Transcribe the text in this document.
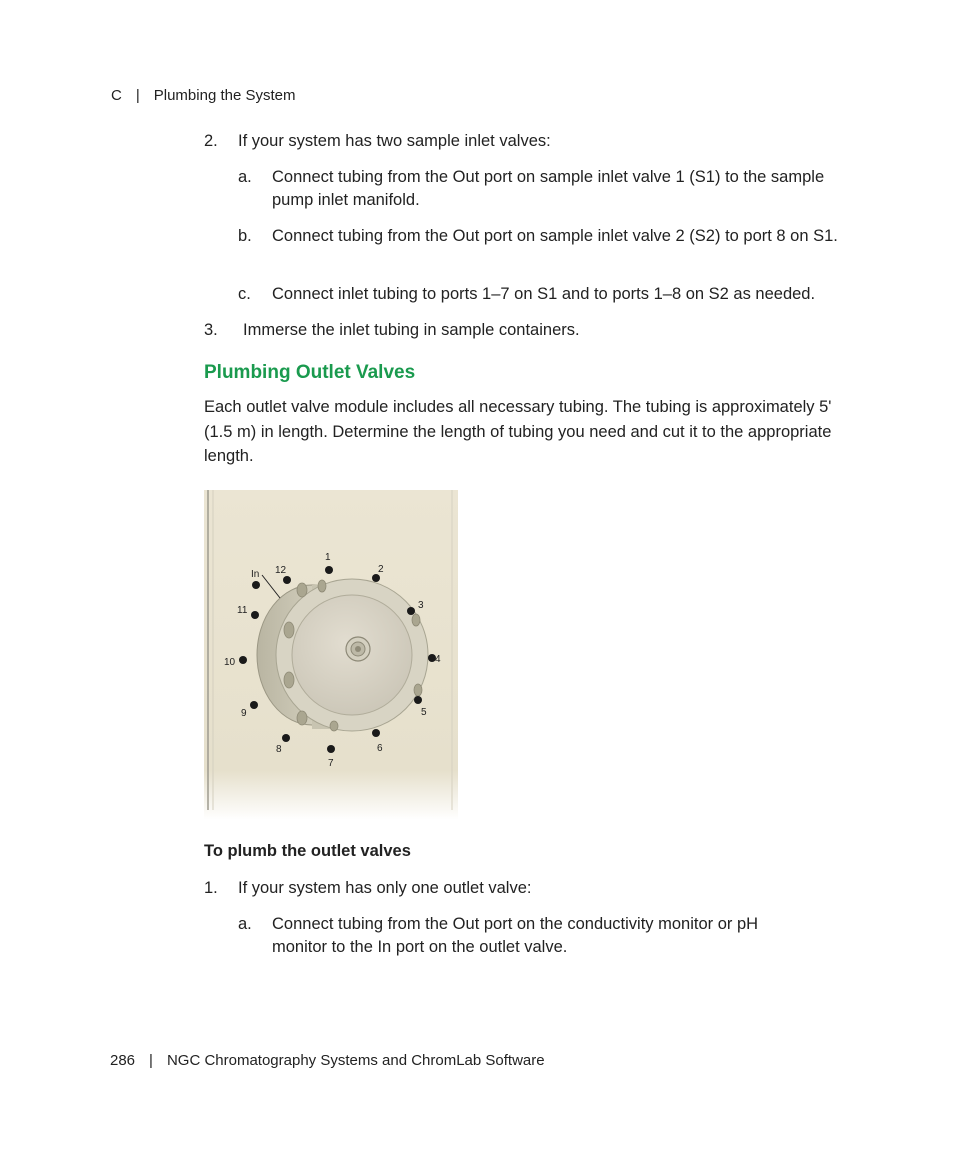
C | Plumbing the System
2. If your system has two sample inlet valves:
a. Connect tubing from the Out port on sample inlet valve 1 (S1) to the sample pump inlet manifold.
b. Connect tubing from the Out port on sample inlet valve 2 (S2) to port 8 on S1.
c. Connect inlet tubing to ports 1–7 on S1 and to ports 1–8 on S2 as needed.
3. Immerse the inlet tubing in sample containers.
Plumbing Outlet Valves
Each outlet valve module includes all necessary tubing. The tubing is approximately 5' (1.5 m) in length. Determine the length of tubing you need and cut it to the appropriate length.
1
2
3
4
5
6
7
8
9
10
11
12
In
To plumb the outlet valves
1. If your system has only one outlet valve:
a. Connect tubing from the Out port on the conductivity monitor or pH monitor to the In port on the outlet valve.
286 | NGC Chromatography Systems and ChromLab Software
